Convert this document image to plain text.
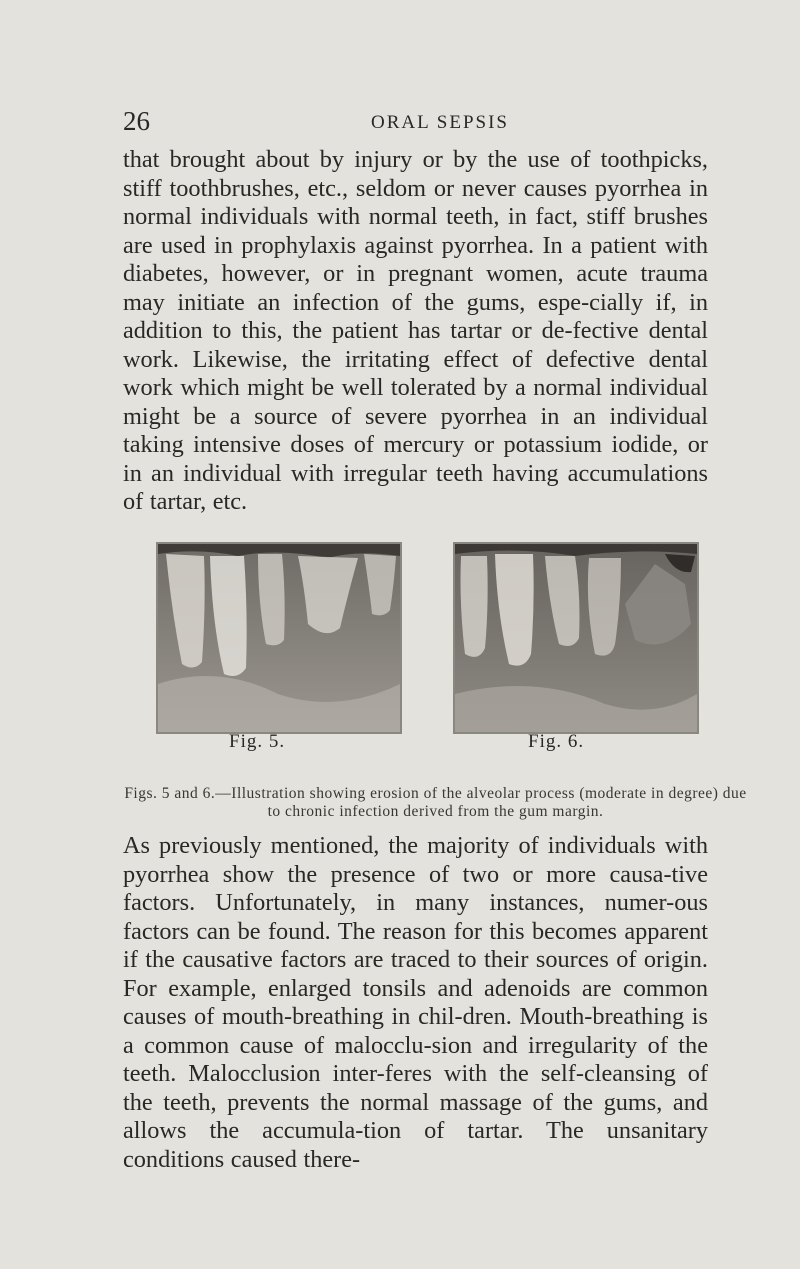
26	ORAL SEPSIS

that brought about by injury or by the use of toothpicks, stiff toothbrushes, etc., seldom or never causes pyorrhea in normal individuals with normal teeth, in fact, stiff brushes are used in prophylaxis against pyorrhea. In a patient with diabetes, however, or in pregnant women, acute trauma may initiate an infection of the gums, espe-cially if, in addition to this, the patient has tartar or de-fective dental work. Likewise, the irritating effect of defective dental work which might be well tolerated by a normal individual might be a source of severe pyorrhea in an individual taking intensive doses of mercury or potassium iodide, or in an individual with irregular teeth having accumulations of tartar, etc.

Fig. 5.	Fig. 6.
Figs. 5 and 6.—Illustration showing erosion of the alveolar process (moderate in degree) due to chronic infection derived from the gum margin.

As previously mentioned, the majority of individuals with pyorrhea show the presence of two or more causa-tive factors. Unfortunately, in many instances, numer-ous factors can be found. The reason for this becomes apparent if the causative factors are traced to their sources of origin. For example, enlarged tonsils and adenoids are common causes of mouth-breathing in chil-dren. Mouth-breathing is a common cause of malocclu-sion and irregularity of the teeth. Malocclusion inter-feres with the self-cleansing of the teeth, prevents the normal massage of the gums, and allows the accumula-tion of tartar. The unsanitary conditions caused there-
